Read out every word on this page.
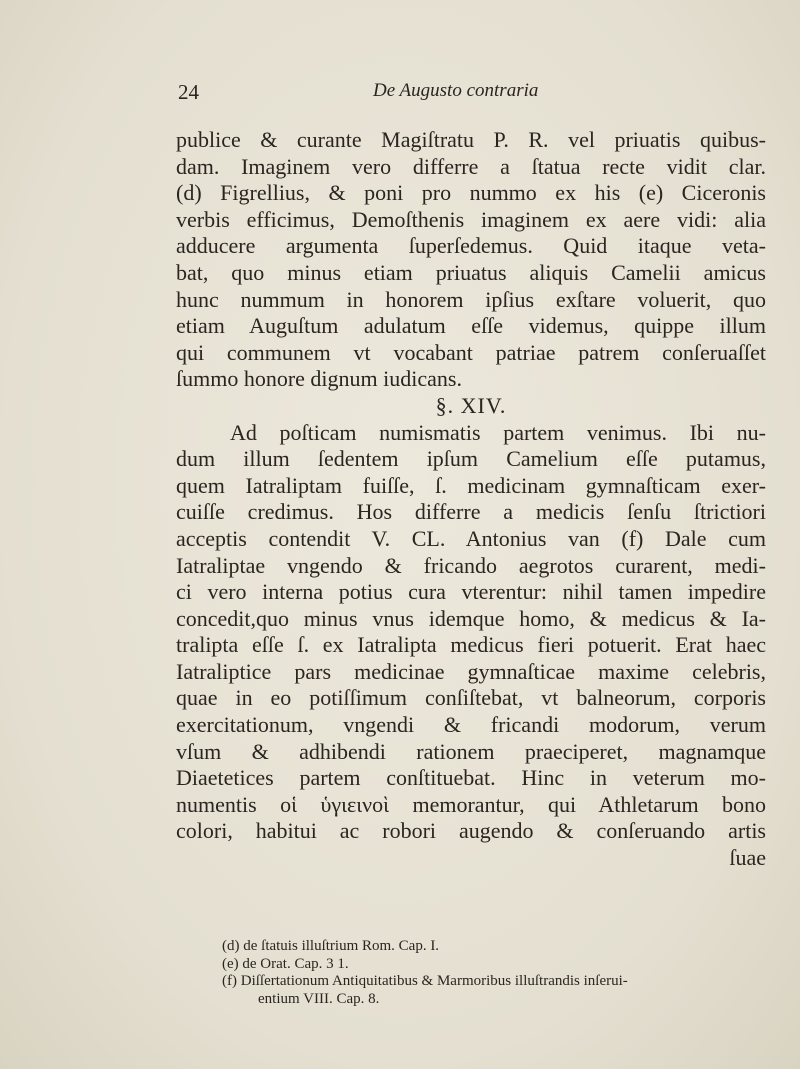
24	De Augusto contraria
publice & curante Magiſtratu P. R. vel priuatis quibus-
dam. Imaginem vero differre a ſtatua recte vidit clar.
(d) Figrellius, & poni pro nummo ex his (e) Ciceronis
verbis efficimus, Demoſthenis imaginem ex aere vidi: alia
adducere argumenta ſuperſedemus. Quid itaque veta-
bat, quo minus etiam priuatus aliquis Camelii amicus
hunc nummum in honorem ipſius exſtare voluerit, quo
etiam Auguſtum adulatum eſſe videmus, quippe illum
qui communem vt vocabant patriae patrem conſeruaſſet
ſummo honore dignum iudicans.
§. XIV.
Ad poſticam numismatis partem venimus. Ibi nu-
dum illum ſedentem ipſum Camelium eſſe putamus,
quem Iatraliptam fuiſſe, ſ. medicinam gymnaſticam exer-
cuiſſe credimus. Hos differre a medicis ſenſu ſtrictiori
acceptis contendit V. CL. Antonius van (f) Dale cum
Iatraliptae vngendo & fricando aegrotos curarent, medi-
ci vero interna potius cura vterentur: nihil tamen impedire
concedit,quo minus vnus idemque homo, & medicus & Ia-
tralipta eſſe ſ. ex Iatralipta medicus fieri potuerit. Erat haec
Iatraliptice pars medicinae gymnaſticae maxime celebris,
quae in eo potiſſimum conſiſtebat, vt balneorum, corporis
exercitationum, vngendi & fricandi modorum, verum
vſum & adhibendi rationem praeciperet, magnamque
Diaetetices partem conſtituebat. Hinc in veterum mo-
numentis οἱ ὑγιεινοὶ memorantur, qui Athletarum bono
colori, habitui ac robori augendo & conſeruando artis
ſuae
(d) de ſtatuis illuſtrium Rom. Cap. I.
(e) de Orat. Cap. 3 1.
(f) Diſſertationum Antiquitatibus & Marmoribus illuſtrandis inſerui-
entium VIII. Cap. 8.
